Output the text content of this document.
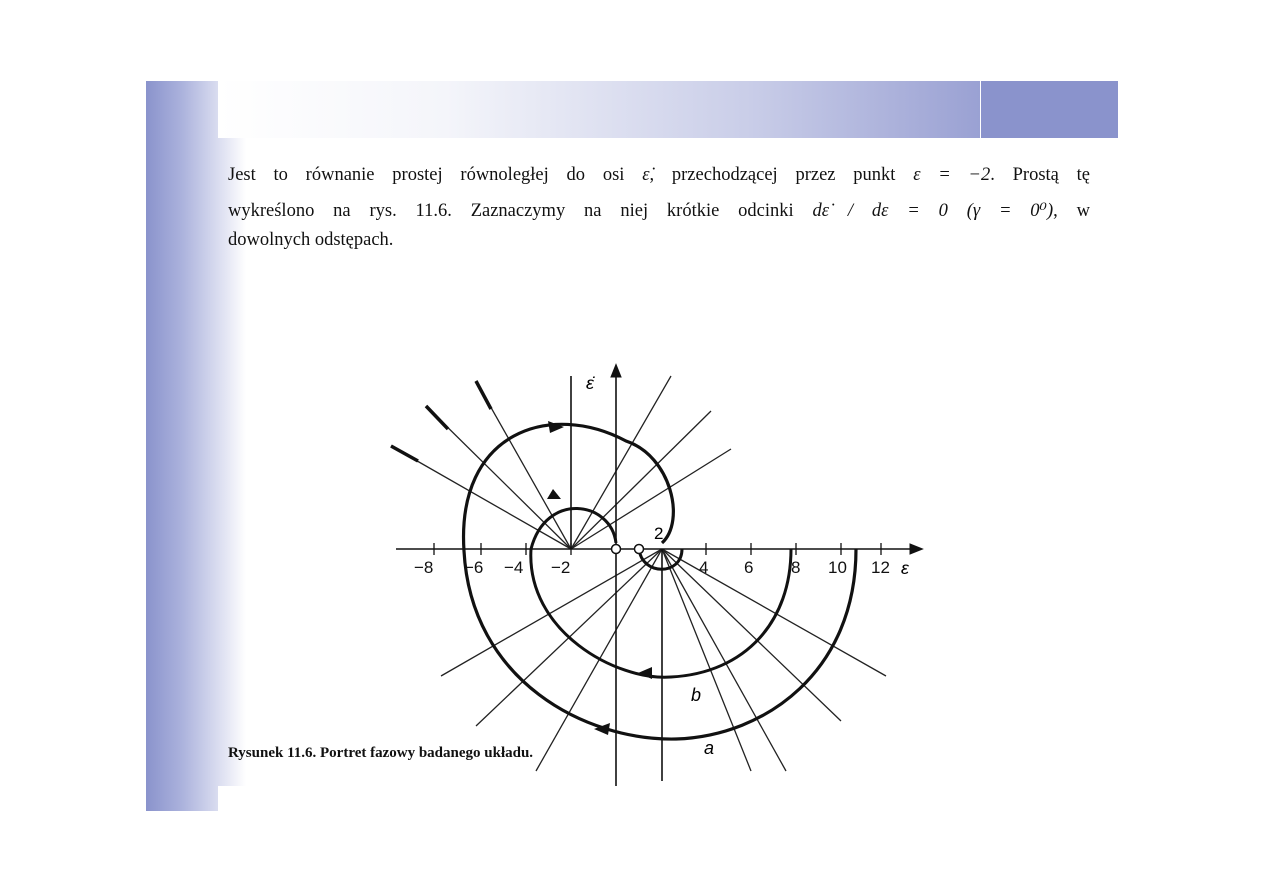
Jest to równanie prostej równoległej do osi ε̇, przechodzącej przez punkt ε = −2. Prostą tę
wykreślono na rys. 11.6. Zaznaczymy na niej krótkie odcinki dε̇ / dε = 0 (γ = 0⁰), w
dowolnych odstępach.
−8 −6 −4 −2	4 6 8 10 12 ε
ε̇
2
b
a
Rysunek 11.6. Portret fazowy badanego układu.
